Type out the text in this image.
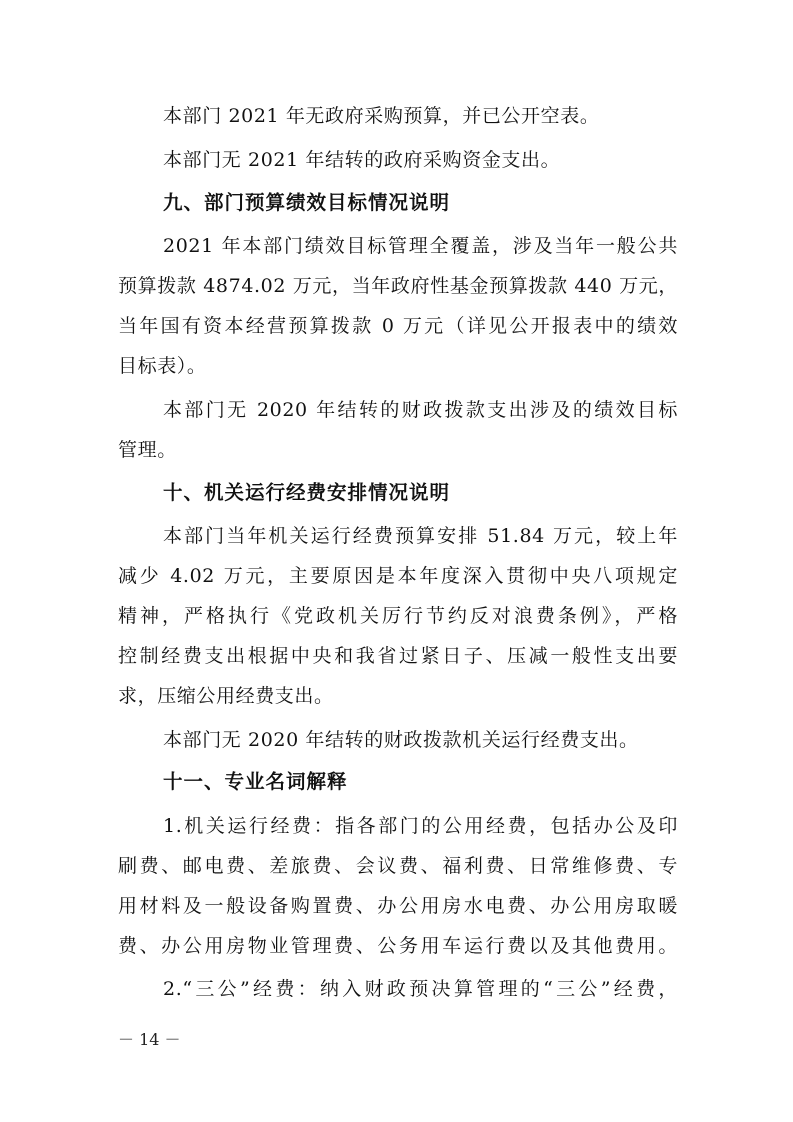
本部门 2021 年无政府采购预算，并已公开空表。
本部门无 2021 年结转的政府采购资金支出。
九、部门预算绩效目标情况说明
2021 年本部门绩效目标管理全覆盖，涉及当年一般公共
预算拨款 4874.02 万元，当年政府性基金预算拨款 440 万元，
当年国有资本经营预算拨款 0 万元（详见公开报表中的绩效
目标表）。
本部门无 2020 年结转的财政拨款支出涉及的绩效目标
管理。
十、机关运行经费安排情况说明
本部门当年机关运行经费预算安排 51.84 万元，较上年
减少 4.02 万元，主要原因是本年度深入贯彻中央八项规定
精神，严格执行《党政机关厉行节约反对浪费条例》，严格
控制经费支出根据中央和我省过紧日子、压减一般性支出要
求，压缩公用经费支出。
本部门无 2020 年结转的财政拨款机关运行经费支出。
十一、专业名词解释
1.机关运行经费：指各部门的公用经费，包括办公及印
刷费、邮电费、差旅费、会议费、福利费、日常维修费、专
用材料及一般设备购置费、办公用房水电费、办公用房取暖
费、办公用房物业管理费、公务用车运行费以及其他费用。
2.“三公”经费：纳入财政预决算管理的“三公”经费，
－ 14 －
